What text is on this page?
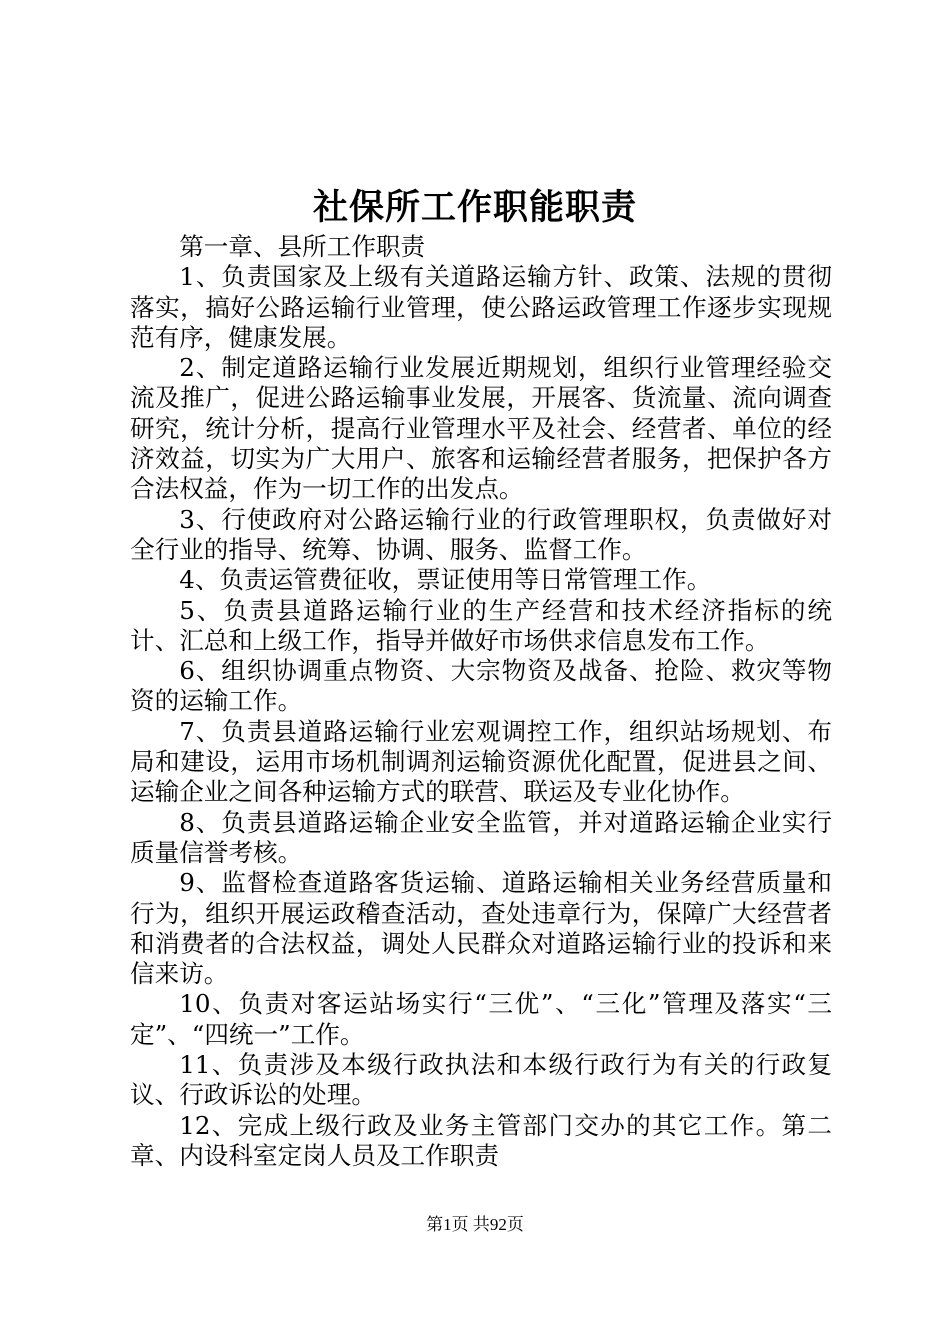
社保所工作职能职责

第一章、县所工作职责

1、负责国家及上级有关道路运输方针、政策、法规的贯彻落实，搞好公路运输行业管理，使公路运政管理工作逐步实现规范有序，健康发展。

2、制定道路运输行业发展近期规划，组织行业管理经验交流及推广，促进公路运输事业发展，开展客、货流量、流向调查研究，统计分析，提高行业管理水平及社会、经营者、单位的经济效益，切实为广大用户、旅客和运输经营者服务，把保护各方合法权益，作为一切工作的出发点。

3、行使政府对公路运输行业的行政管理职权，负责做好对全行业的指导、统筹、协调、服务、监督工作。

4、负责运管费征收，票证使用等日常管理工作。

5、负责县道路运输行业的生产经营和技术经济指标的统计、汇总和上级工作，指导并做好市场供求信息发布工作。

6、组织协调重点物资、大宗物资及战备、抢险、救灾等物资的运输工作。

7、负责县道路运输行业宏观调控工作，组织站场规划、布局和建设，运用市场机制调剂运输资源优化配置，促进县之间、运输企业之间各种运输方式的联营、联运及专业化协作。

8、负责县道路运输企业安全监管，并对道路运输企业实行质量信誉考核。

9、监督检查道路客货运输、道路运输相关业务经营质量和行为，组织开展运政稽查活动，查处违章行为，保障广大经营者和消费者的合法权益，调处人民群众对道路运输行业的投诉和来信来访。

10、负责对客运站场实行“三优”、“三化”管理及落实“三定”、“四统一”工作。

11、负责涉及本级行政执法和本级行政行为有关的行政复议、行政诉讼的处理。

12、完成上级行政及业务主管部门交办的其它工作。第二章、内设科室定岗人员及工作职责

第1页 共92页
